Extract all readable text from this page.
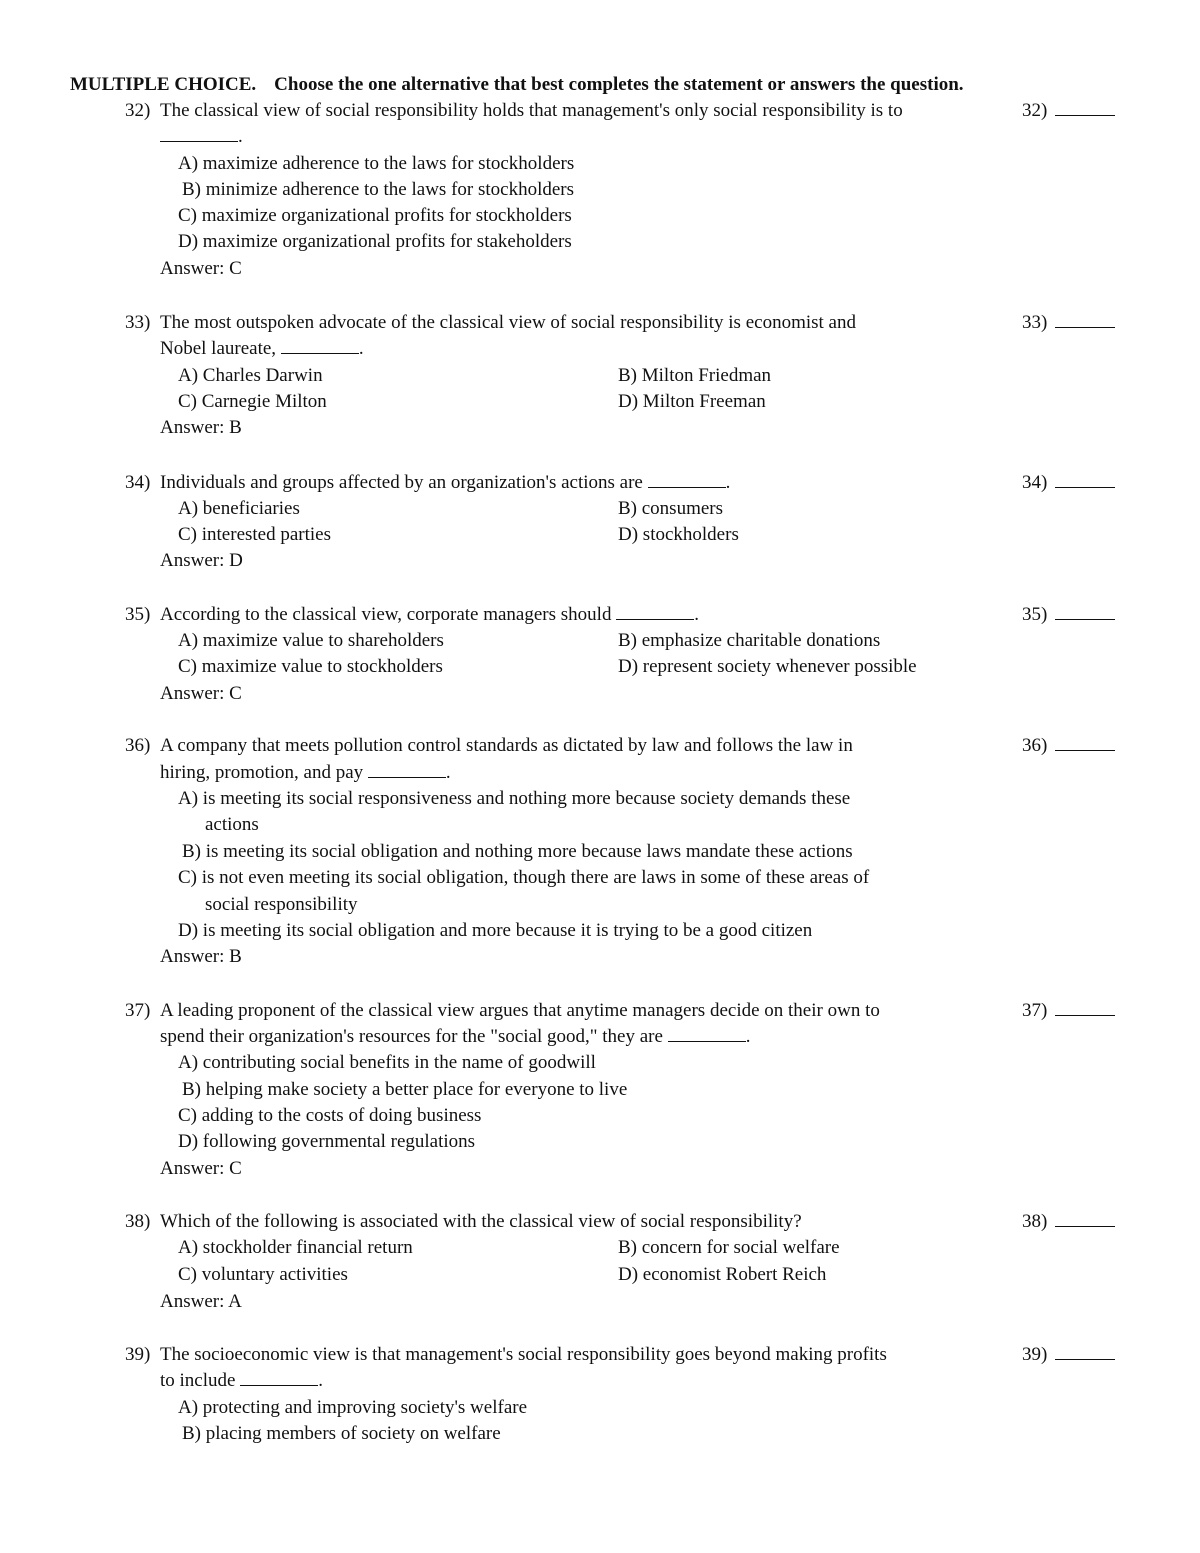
MULTIPLE CHOICE. Choose the one alternative that best completes the statement or answers the question.
32) The classical view of social responsibility holds that management's only social responsibility is to
.
A) maximize adherence to the laws for stockholders
B) minimize adherence to the laws for stockholders
C) maximize organizational profits for stockholders
D) maximize organizational profits for stakeholders
Answer: C
32)
33) The most outspoken advocate of the classical view of social responsibility is economist and
Nobel laureate,	.
A) Charles Darwin	B) Milton Friedman
C) Carnegie Milton	D) Milton Freeman
Answer: B
33)
34) Individuals and groups affected by an organization's actions are	.
A) beneficiaries	B) consumers
C) interested parties	D) stockholders
Answer: D
34)
35) According to the classical view, corporate managers should	.
A) maximize value to shareholders	B) emphasize charitable donations
C) maximize value to stockholders	D) represent society whenever possible
Answer: C
35)
36) A company that meets pollution control standards as dictated by law and follows the law in
hiring, promotion, and pay	.
A) is meeting its social responsiveness and nothing more because society demands these
actions
B) is meeting its social obligation and nothing more because laws mandate these actions
C) is not even meeting its social obligation, though there are laws in some of these areas of
social responsibility
D) is meeting its social obligation and more because it is trying to be a good citizen
Answer: B
36)
37) A leading proponent of the classical view argues that anytime managers decide on their own to
spend their organization's resources for the "social good," they are	.
A) contributing social benefits in the name of goodwill
B) helping make society a better place for everyone to live
C) adding to the costs of doing business
D) following governmental regulations
Answer: C
37)
38) Which of the following is associated with the classical view of social responsibility?
A) stockholder financial return	B) concern for social welfare
C) voluntary activities	D) economist Robert Reich
Answer: A
38)
39) The socioeconomic view is that management's social responsibility goes beyond making profits
to include	.
A) protecting and improving society's welfare
B) placing members of society on welfare
39)
